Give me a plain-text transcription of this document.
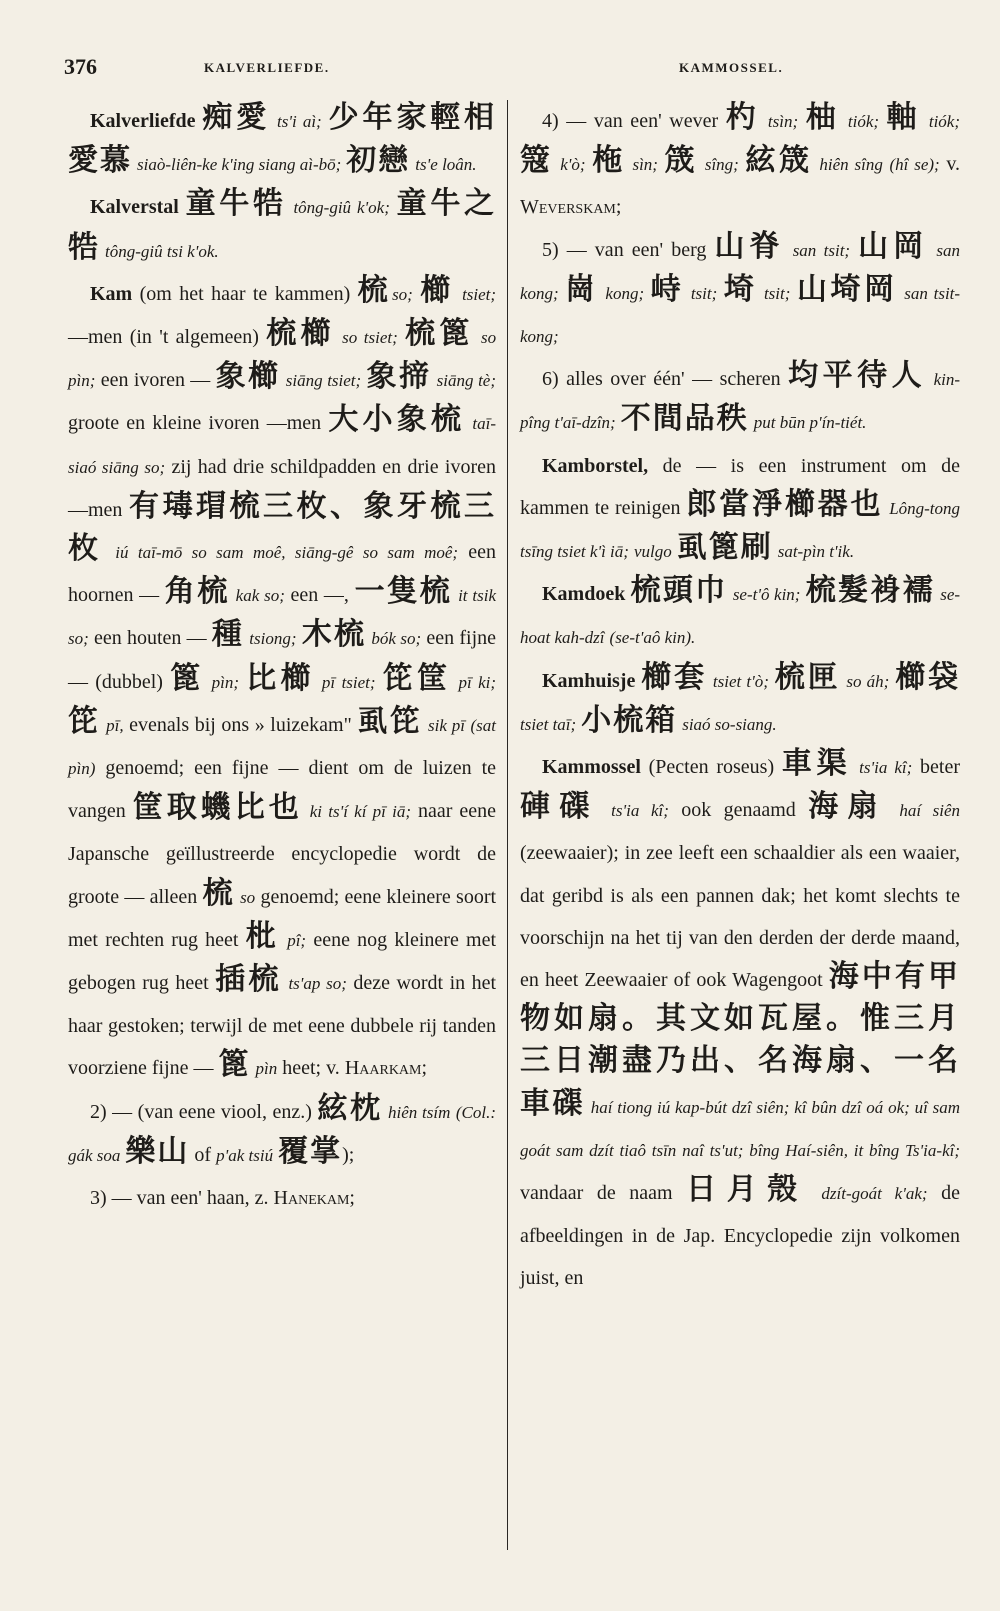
376	KALVERLIEFDE.	KAMMOSSEL.

Kalverliefde 痴愛 ts'i aì; 少年家輕相愛慕 siaò-liên-ke k'ing siang aì-bō; 初戀 ts'e loân.

Kalverstal 童牛牿 tông-giû k'ok; 童牛之牿 tông-giû tsi k'ok.

Kam (om het haar te kammen) 梳so; 櫛 tsiet; —men (in 't algemeen) 梳櫛 so tsiet; 梳篦 so pìn; een ivoren — 象櫛 siāng tsiet; 象揥 siāng tè; groote en kleine ivoren —men 大小象梳 taī-siaó siāng so; zij had drie schildpadden en drie ivoren —men 有瑇瑁梳三枚、象牙梳三枚 iú taī-mō so sam moê, siāng-gê so sam moê; een hoornen — 角梳 kak so; een —, 一隻梳 it tsik so; een houten — 種 tsiong; 木梳 bók so; een fijne — (dubbel) 篦 pìn; 比櫛 pī tsiet; 笓筐 pī ki; 笓 pī, evenals bij ons » luizekam" 虱笓 sik pī (sat pìn) genoemd; een fijne — dient om de luizen te vangen 筐取蟣比也 ki ts'í kí pī iā; naar eene Japansche geïllustreerde encyclopedie wordt de groote — alleen 梳 so genoemd; eene kleinere soort met rechten rug heet 枇 pî; eene nog kleinere met gebogen rug heet 插梳 ts'ap so; deze wordt in het haar gestoken; terwijl de met eene dubbele rij tanden voorziene fijne — 篦 pìn heet; v. Haarkam;

2) — (van eene viool, enz.) 絃枕 hiên tsím (Col.: gák soa 樂山 of p'ak tsiú 覆掌);

3) — van een' haan, z. Hanekam;

4) — van een' wever 杓 tsìn; 柚 tiók; 軸 tiók; 簆 k'ò; 柂 sìn; 筬 sîng; 絃筬 hiên sîng (hî se); v. Weverskam;

5) — van een' berg 山脊 san tsit; 山岡 san kong; 崗 kong; 峙 tsit; 埼 tsit; 山埼岡 san tsit-kong;

6) alles over één' — scheren 均平待人 kin-pîng t'aī-dzîn; 不間品秩 put būn p'ín-tiét.

Kamborstel, de — is een instrument om de kammen te reinigen 郎當淨櫛器也 Lông-tong tsīng tsiet k'ì iā; vulgo 虱篦刷 sat-pìn t'ik.

Kamdoek 梳頭巾 se-t'ô kin; 梳髮裑襦 se-hoat kah-dzî (se-t'aô kin).

Kamhuisje 櫛套 tsiet t'ò; 梳匣 so áh; 櫛袋 tsiet taī; 小梳箱 siaó so-siang.

Kammossel (Pecten roseus) 車渠 ts'ia kî; beter 硨磲 ts'ia kî; ook genaamd 海扇 haí siên (zeewaaier); in zee leeft een schaaldier als een waaier, dat geribd is als een pannen dak; het komt slechts te voorschijn na het tij van den derden der derde maand, en heet Zeewaaier of ook Wagengoot 海中有甲物如扇。其文如瓦屋。惟三月三日潮盡乃出、名海扇、一名車磲 haí tiong iú kap-bút dzî siên; kî bûn dzî oá ok; uî sam goát sam dzít tiaô tsīn naî ts'ut; bîng Haí-siên, it bîng Ts'ia-kî; vandaar de naam 日月殼 dzít-goát k'ak; de afbeeldingen in de Jap. Encyclopedie zijn volkomen juist, en
